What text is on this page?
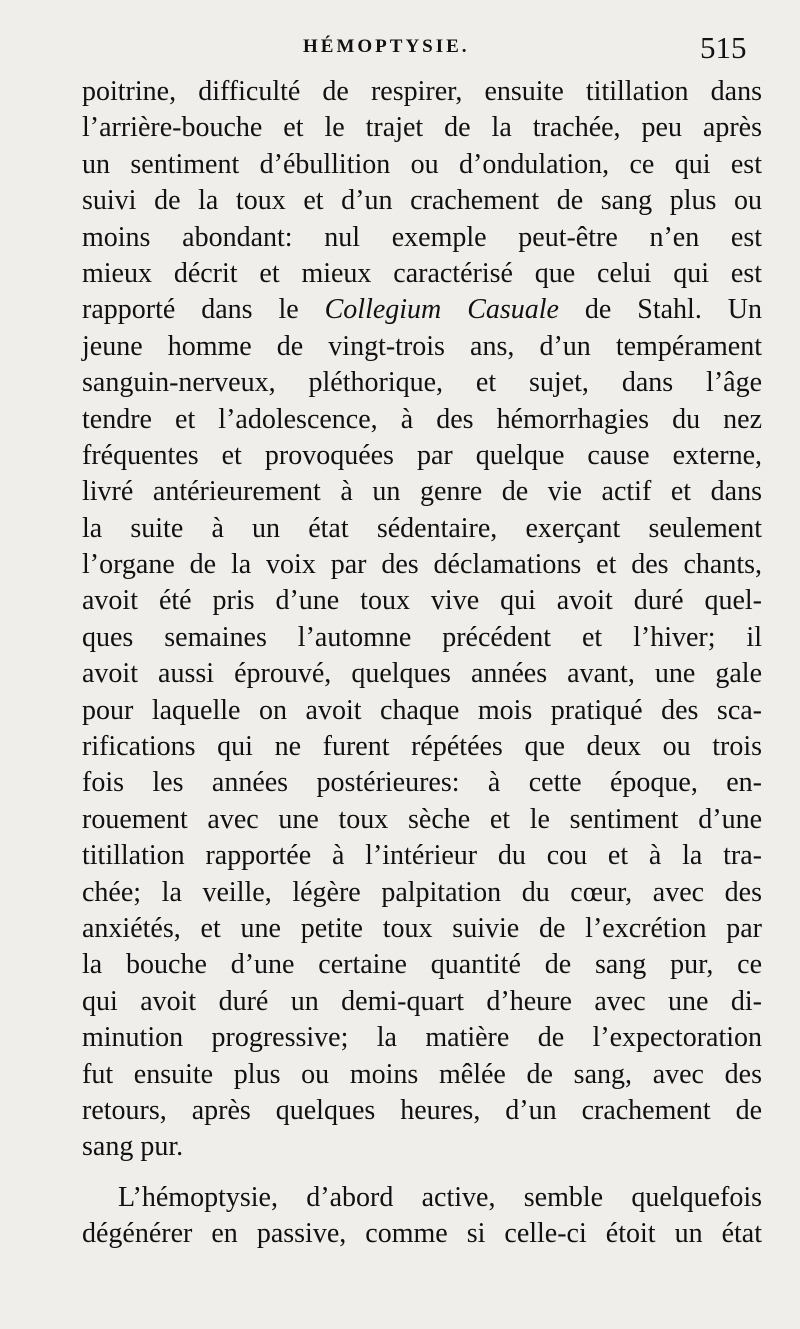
HÉMOPTYSIE.	515
poitrine, difficulté de respirer, ensuite titillation dans
l’arrière-bouche et le trajet de la trachée, peu après
un sentiment d’ébullition ou d’ondulation, ce qui est
suivi de la toux et d’un crachement de sang plus ou
moins abondant: nul exemple peut-être n’en est
mieux décrit et mieux caractérisé que celui qui est
rapporté dans le Collegium Casuale de Stahl. Un
jeune homme de vingt-trois ans, d’un tempérament
sanguin-nerveux, pléthorique, et sujet, dans l’âge
tendre et l’adolescence, à des hémorrhagies du nez
fréquentes et provoquées par quelque cause externe,
livré antérieurement à un genre de vie actif et dans
la suite à un état sédentaire, exerçant seulement
l’organe de la voix par des déclamations et des chants,
avoit été pris d’une toux vive qui avoit duré quel-
ques semaines l’automne précédent et l’hiver; il
avoit aussi éprouvé, quelques années avant, une gale
pour laquelle on avoit chaque mois pratiqué des sca-
rifications qui ne furent répétées que deux ou trois
fois les années postérieures: à cette époque, en-
rouement avec une toux sèche et le sentiment d’une
titillation rapportée à l’intérieur du cou et à la tra-
chée; la veille, légère palpitation du cœur, avec des
anxiétés, et une petite toux suivie de l’excrétion par
la bouche d’une certaine quantité de sang pur, ce
qui avoit duré un demi-quart d’heure avec une di-
minution progressive; la matière de l’expectoration
fut ensuite plus ou moins mêlée de sang, avec des
retours, après quelques heures, d’un crachement de
sang pur.
L’hémoptysie, d’abord active, semble quelquefois
dégénérer en passive, comme si celle-ci étoit un état
